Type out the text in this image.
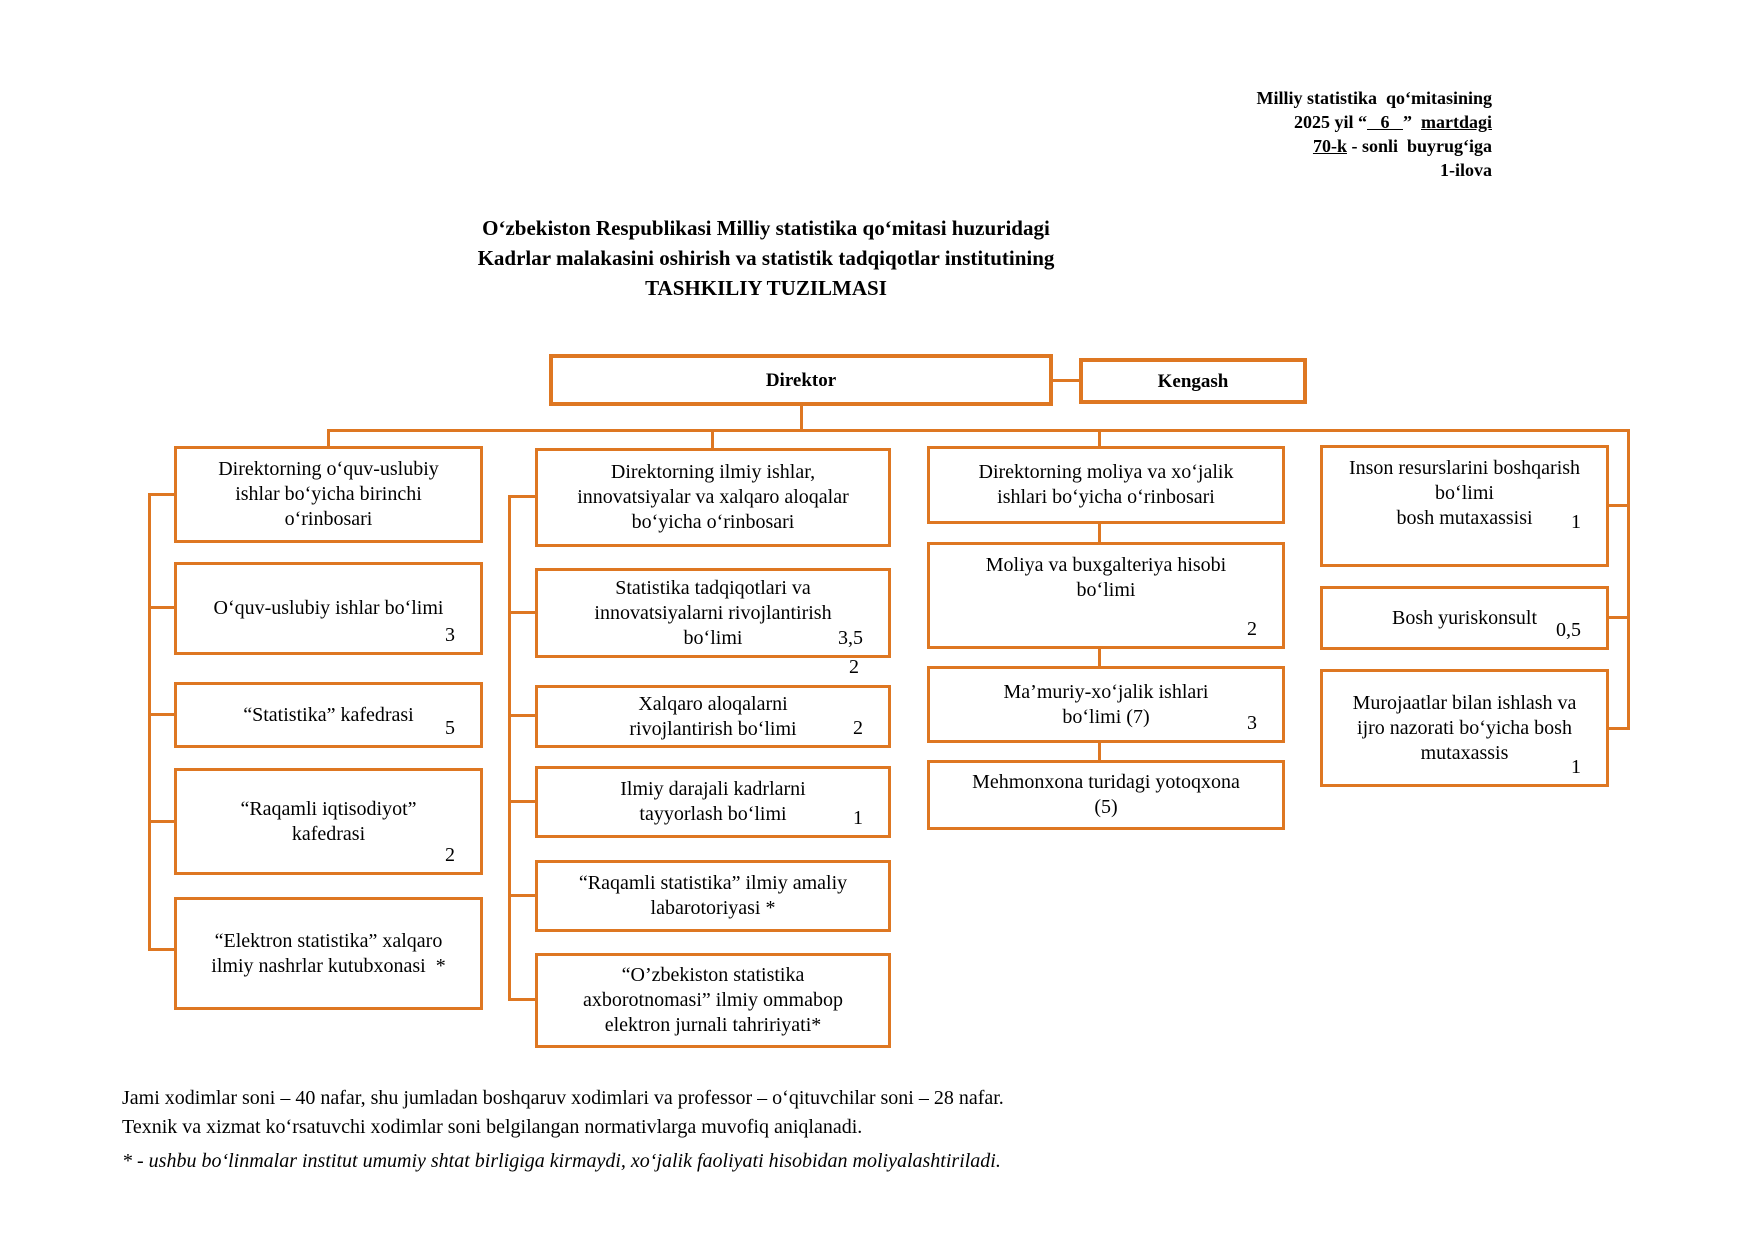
Milliy statistika  qo‘mitasining
2025 yil “   6   ”  martdagi
70-k - sonli  buyrug‘iga
1-ilova
O‘zbekiston Respublikasi Milliy statistika qo‘mitasi huzuridagi
Kadrlar malakasini oshirish va statistik tadqiqotlar institutining
TASHKILIY TUZILMASI
Direktor	Kengash
Direktorning o‘quv-uslubiy
ishlar bo‘yicha birinchi
o‘rinbosari
O‘quv-uslubiy ishlar bo‘limi
3
“Statistika” kafedrasi
5
“Raqamli iqtisodiyot”
kafedrasi
2
“Elektron statistika” xalqaro
ilmiy nashrlar kutubxonasi  *
Direktorning ilmiy ishlar,
innovatsiyalar va xalqaro aloqalar
bo‘yicha o‘rinbosari
Statistika tadqiqotlari va
innovatsiyalarni rivojlantirish
bo‘limi	3,5
2
Xalqaro aloqalarni
rivojlantirish bo‘limi	2
Ilmiy darajali kadrlarni
tayyorlash bo‘limi	1
“Raqamli statistika” ilmiy amaliy
labarotoriyasi *
“O’zbekiston statistika
axborotnomasi” ilmiy ommabop
elektron jurnali tahririyati*
Direktorning moliya va xo‘jalik
ishlari bo‘yicha o‘rinbosari
Moliya va buxgalteriya hisobi
bo‘limi
2
Ma’muriy-xo‘jalik ishlari
bo‘limi (7)	3
Mehmonxona turidagi yotoqxona
(5)
Inson resurslarini boshqarish
bo‘limi
bosh mutaxassisi	1
Bosh yuriskonsult
0,5
Murojaatlar bilan ishlash va
ijro nazorati bo‘yicha bosh
mutaxassis
1
Jami xodimlar soni – 40 nafar, shu jumladan boshqaruv xodimlari va professor – o‘qituvchilar soni – 28 nafar.
Texnik va xizmat ko‘rsatuvchi xodimlar soni belgilangan normativlarga muvofiq aniqlanadi.
* - ushbu bo‘linmalar institut umumiy shtat birligiga kirmaydi, xo‘jalik faoliyati hisobidan moliyalashtiriladi.
